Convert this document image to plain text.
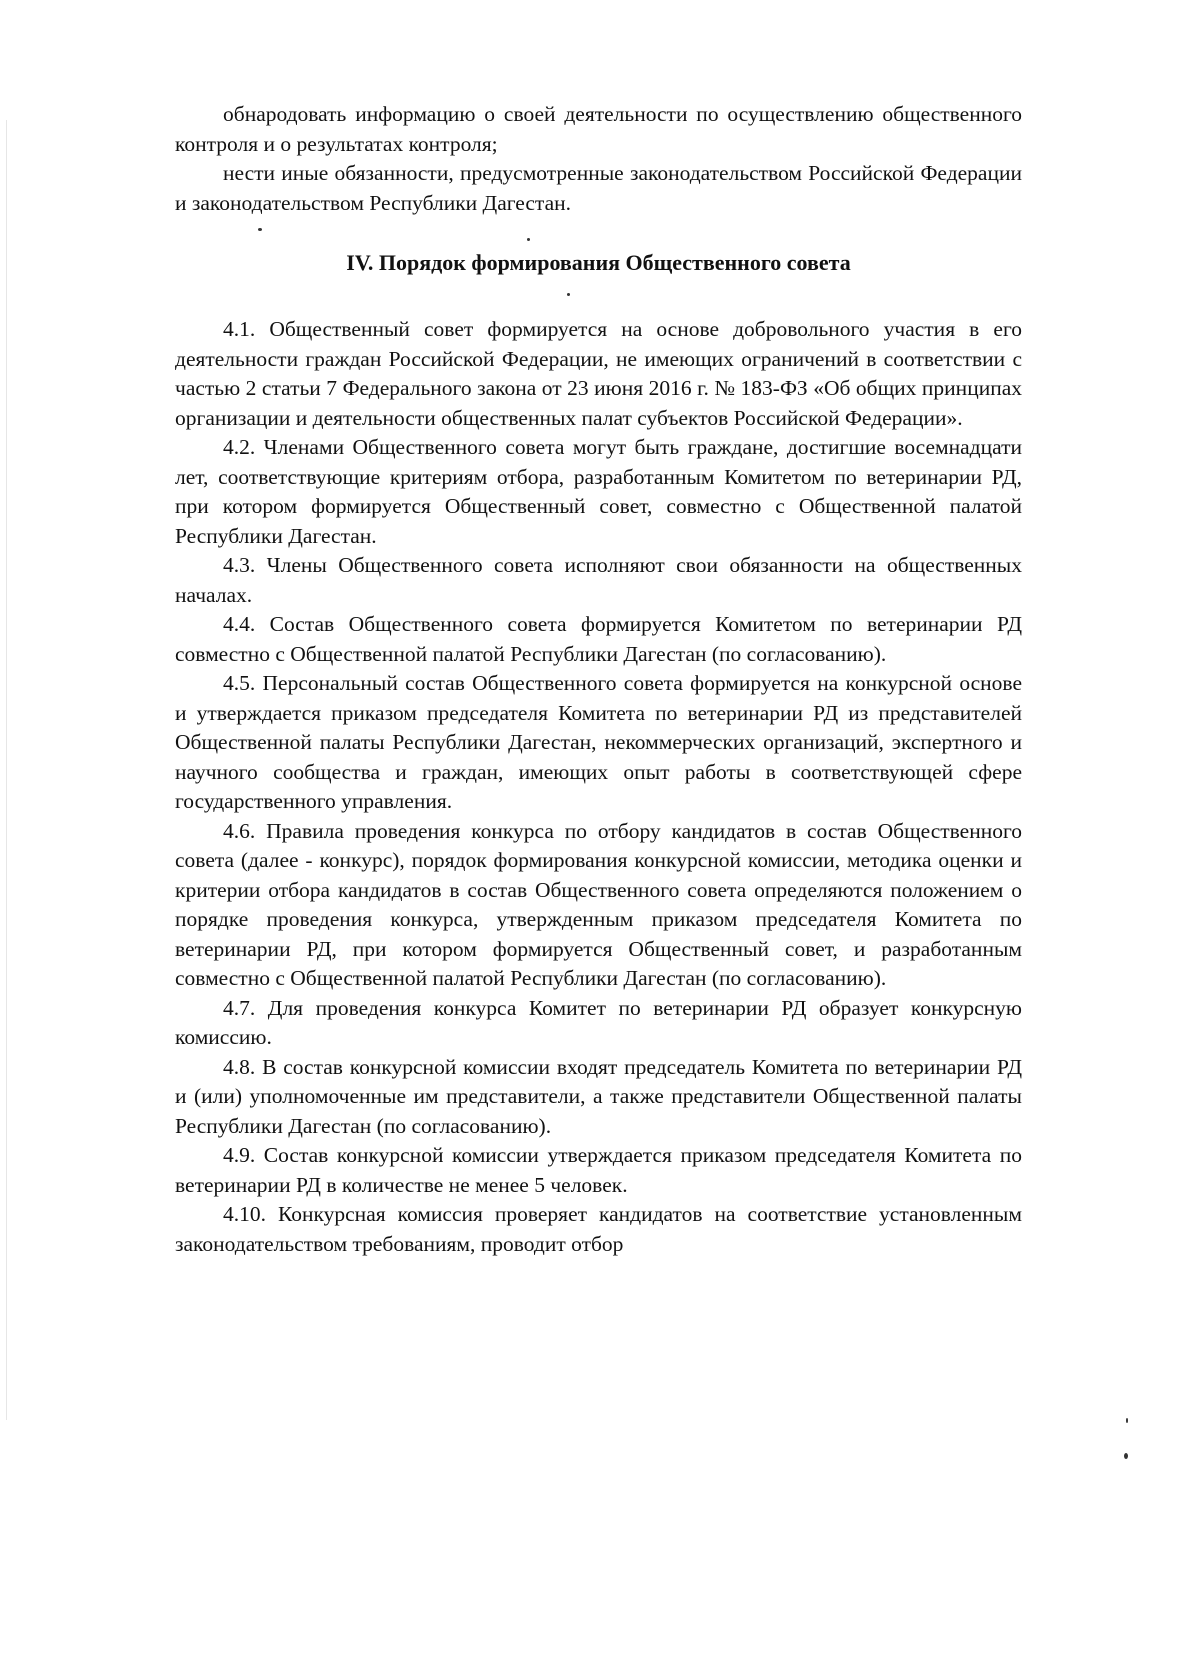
обнародовать информацию о своей деятельности по осуществлению общественного контроля и о результатах контроля;

нести иные обязанности, предусмотренные законодательством Российской Федерации и законодательством Республики Дагестан.

IV. Порядок формирования Общественного совета

4.1. Общественный совет формируется на основе добровольного участия в его деятельности граждан Российской Федерации, не имеющих ограничений в соответствии с частью 2 статьи 7 Федерального закона от 23 июня 2016 г. № 183-ФЗ «Об общих принципах организации и деятельности общественных палат субъектов Российской Федерации».

4.2. Членами Общественного совета могут быть граждане, достигшие восемнадцати лет, соответствующие критериям отбора, разработанным Комитетом по ветеринарии РД, при котором формируется Общественный совет, совместно с Общественной палатой Республики Дагестан.

4.3. Члены Общественного совета исполняют свои обязанности на общественных началах.

4.4. Состав Общественного совета формируется Комитетом по ветеринарии РД совместно с Общественной палатой Республики Дагестан (по согласованию).

4.5. Персональный состав Общественного совета формируется на конкурсной основе и утверждается приказом председателя Комитета по ветеринарии РД из представителей Общественной палаты Республики Дагестан, некоммерческих организаций, экспертного и научного сообщества и граждан, имеющих опыт работы в соответствующей сфере государственного управления.

4.6. Правила проведения конкурса по отбору кандидатов в состав Общественного совета (далее - конкурс), порядок формирования конкурсной комиссии, методика оценки и критерии отбора кандидатов в состав Общественного совета определяются положением о порядке проведения конкурса, утвержденным приказом председателя Комитета по ветеринарии РД, при котором формируется Общественный совет, и разработанным совместно с Общественной палатой Республики Дагестан (по согласованию).

4.7. Для проведения конкурса Комитет по ветеринарии РД образует конкурсную комиссию.

4.8. В состав конкурсной комиссии входят председатель Комитета по ветеринарии РД и (или) уполномоченные им представители, а также представители Общественной палаты Республики Дагестан (по согласованию).

4.9. Состав конкурсной комиссии утверждается приказом председателя Комитета по ветеринарии РД в количестве не менее 5 человек.

4.10. Конкурсная комиссия проверяет кандидатов на соответствие установленным законодательством требованиям, проводит отбор
